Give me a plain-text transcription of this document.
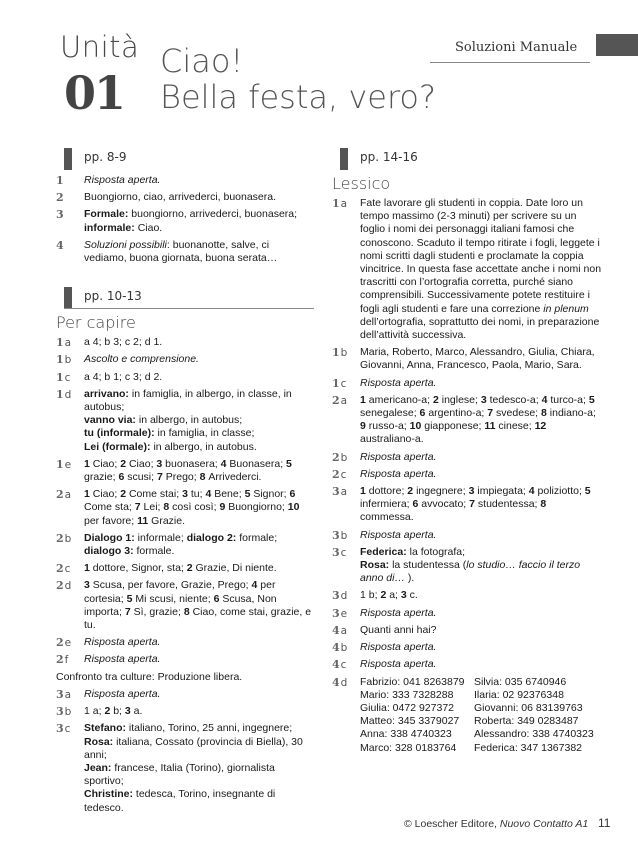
Unità
01
Ciao!
Bella festa, vero?
Soluzioni Manuale
pp. 8-9
1 Risposta aperta.
2 Buongiorno, ciao, arrivederci, buonasera.
3 Formale: buongiorno, arrivederci, buonasera; informale: Ciao.
4 Soluzioni possibili: buonanotte, salve, ci vediamo, buona giornata, buona serata…
pp. 10-13
Per capire
1a a 4; b 3; c 2; d 1.
1b Ascolto e comprensione.
1c a 4; b 1; c 3; d 2.
1d arrivano: in famiglia, in albergo, in classe, in autobus;
vanno via: in albergo, in autobus;
tu (informale): in famiglia, in classe;
Lei (formale): in albergo, in autobus.
1e 1 Ciao; 2 Ciao; 3 buonasera; 4 Buonasera; 5 grazie; 6 scusi; 7 Prego; 8 Arrivederci.
2a 1 Ciao; 2 Come stai; 3 tu; 4 Bene; 5 Signor; 6 Come sta; 7 Lei; 8 così così; 9 Buongiorno; 10 per favore; 11 Grazie.
2b Dialogo 1: informale; dialogo 2: formale;
dialogo 3: formale.
2c 1 dottore, Signor, sta; 2 Grazie, Di niente.
2d 3 Scusa, per favore, Grazie, Prego; 4 per cortesia; 5 Mi scusi, niente; 6 Scusa, Non importa; 7 Sì, grazie; 8 Ciao, come stai, grazie, e tu.
2e Risposta aperta.
2f Risposta aperta.
Confronto tra culture: Produzione libera.
3a Risposta aperta.
3b 1 a; 2 b; 3 a.
3c Stefano: italiano, Torino, 25 anni, ingegnere;
Rosa: italiana, Cossato (provincia di Biella), 30 anni;
Jean: francese, Italia (Torino), giornalista sportivo;
Christine: tedesca, Torino, insegnante di tedesco.
pp. 14-16
Lessico
1a Fate lavorare gli studenti in coppia. Date loro un tempo massimo (2-3 minuti) per scrivere su un foglio i nomi dei personaggi italiani famosi che conoscono. Scaduto il tempo ritirate i fogli, leggete i nomi scritti dagli studenti e proclamate la coppia vincitrice. In questa fase accettate anche i nomi non trascritti con l’ortografia corretta, purché siano comprensibili. Successivamente potete restituire i fogli agli studenti e fare una correzione in plenum dell’ortografia, soprattutto dei nomi, in preparazione dell’attività successiva.
1b Maria, Roberto, Marco, Alessandro, Giulia, Chiara, Giovanni, Anna, Francesco, Paola, Mario, Sara.
1c Risposta aperta.
2a 1 americano-a; 2 inglese; 3 tedesco-a; 4 turco-a; 5 senegalese; 6 argentino-a; 7 svedese; 8 indiano-a; 9 russo-a; 10 giapponese; 11 cinese; 12 australiano-a.
2b Risposta aperta.
2c Risposta aperta.
3a 1 dottore; 2 ingegnere; 3 impiegata; 4 poliziotto; 5 infermiera; 6 avvocato; 7 studentessa; 8 commessa.
3b Risposta aperta.
3c Federica: la fotografa;
Rosa: la studentessa (lo studio… faccio il terzo anno di… ).
3d 1 b; 2 a; 3 c.
3e Risposta aperta.
4a Quanti anni hai?
4b Risposta aperta.
4c Risposta aperta.
4d Fabrizio: 041 8263879
Mario: 333 7328288
Giulia: 0472 927372
Matteo: 345 3379027
Anna: 338 4740323
Marco: 328 0183764
Silvia: 035 6740946
Ilaria: 02 92376348
Giovanni: 06 83139763
Roberta: 349 0283487
Alessandro: 338 4740323
Federica: 347 1367382
© Loescher Editore, Nuovo Contatto A1 11
